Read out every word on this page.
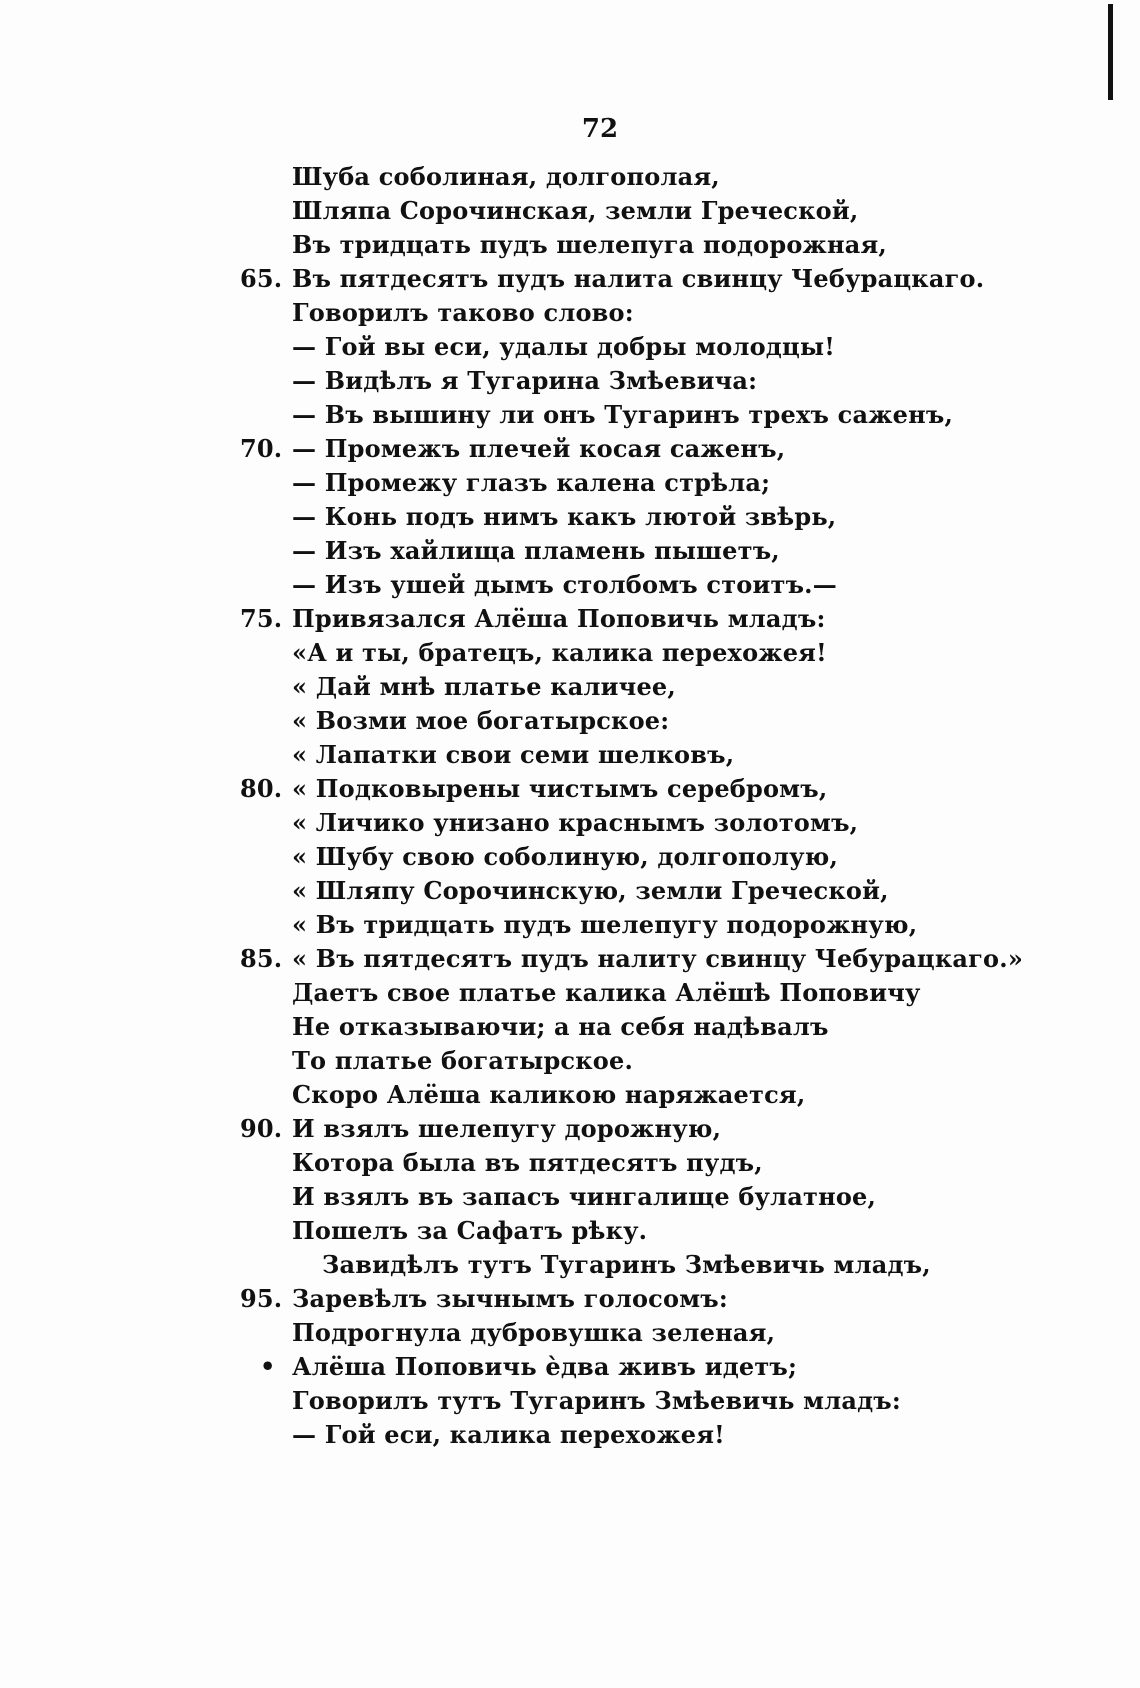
72
Шуба соболиная, долгополая,
Шляпа Сорочинская, земли Греческой,
Въ тридцать пудъ шелепуга подорожная,
65. Въ пятдесятъ пудъ налита свинцу Чебурацкаго.
Говорилъ таково слово:
— Гой вы еси, удалы добры молодцы!
— Видѣлъ я Тугарина Змѣевича:
— Въ вышину ли онъ Тугаринъ трехъ саженъ,
70. — Промежъ плечей косая саженъ,
— Промежу глазъ калена стрѣла;
— Конь подъ нимъ какъ лютой звѣрь,
— Изъ хайлища пламень пышетъ,
— Изъ ушей дымъ столбомъ стоитъ.—
75. Привязался Алёша Поповичь младъ:
«А и ты, братецъ, калика перехожея!
« Дай мнѣ платье каличее,
« Возми мое богатырское:
« Лапатки свои семи шелковъ,
80. « Подковырены чистымъ серебромъ,
« Личико унизано краснымъ золотомъ,
« Шубу свою соболиную, долгополую,
« Шляпу Сорочинскую, земли Греческой,
« Въ тридцать пудъ шелепугу подорожную,
85. « Въ пятдесятъ пудъ налиту свинцу Чебурацкаго.»
Даетъ свое платье калика Алёшѣ Поповичу
Не отказываючи; а на себя надѣвалъ
То платье богатырское.
Скоро Алёша каликою наряжается,
90. И взялъ шелепугу дорожную,
Котора была въ пятдесятъ пудъ,
И взялъ въ запасъ чингалище булатное,
Пошелъ за Сафатъ рѣку.
Завидѣлъ тутъ Тугаринъ Змѣевичь младъ,
95. Заревѣлъ зычнымъ голосомъ:
Подрогнула дубровушка зеленая,
• Алёша Поповичь ѐдва живъ идетъ;
Говорилъ тутъ Тугаринъ Змѣевичь младъ:
— Гой еси, калика перехожея!
